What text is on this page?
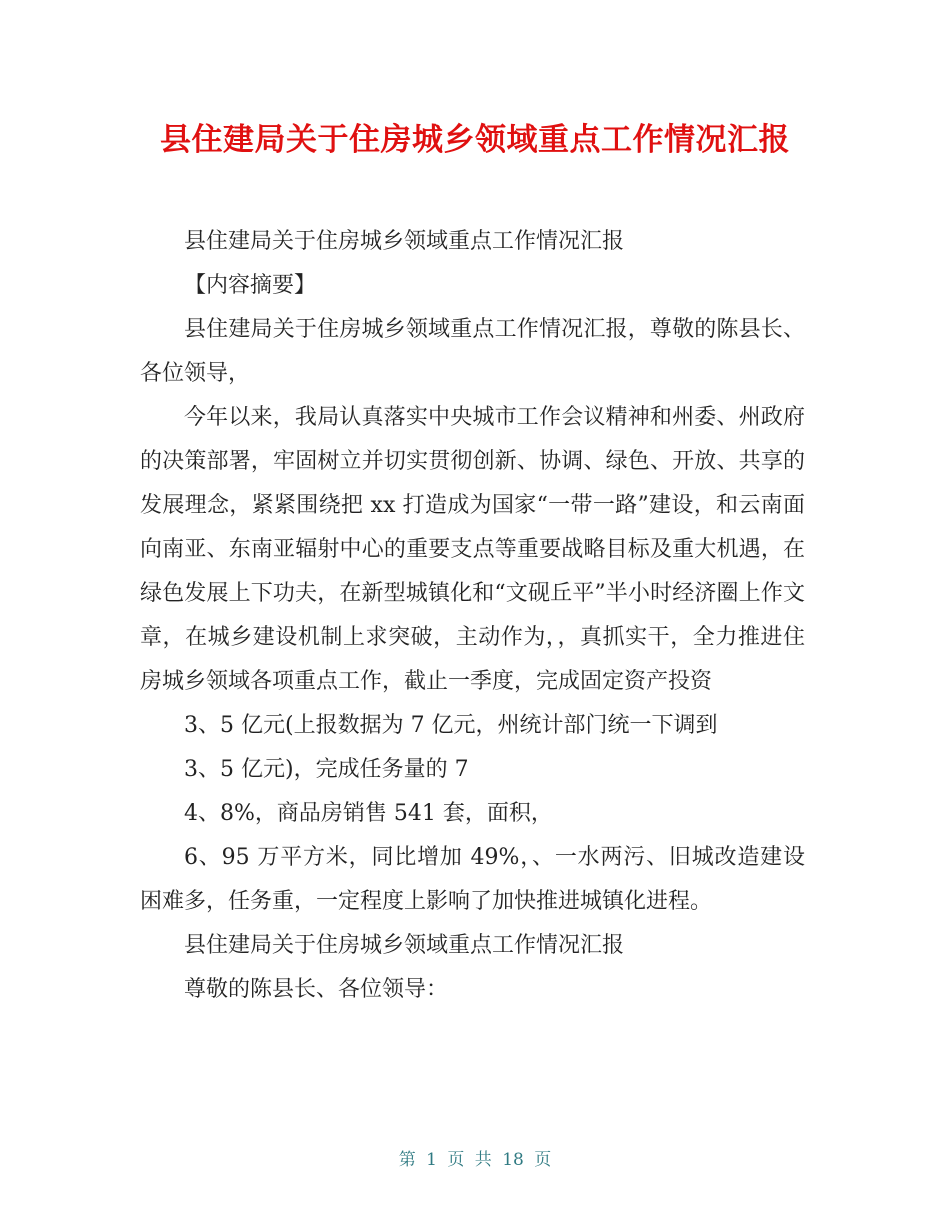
县住建局关于住房城乡领域重点工作情况汇报

县住建局关于住房城乡领域重点工作情况汇报

【内容摘要】

县住建局关于住房城乡领域重点工作情况汇报，尊敬的陈县长、各位领导，

今年以来，我局认真落实中央城市工作会议精神和州委、州政府的决策部署，牢固树立并切实贯彻创新、协调、绿色、开放、共享的发展理念，紧紧围绕把 xx 打造成为国家“一带一路”建设，和云南面向南亚、东南亚辐射中心的重要支点等重要战略目标及重大机遇，在绿色发展上下功夫，在新型城镇化和“文砚丘平”半小时经济圈上作文章，在城乡建设机制上求突破，主动作为，，真抓实干，全力推进住房城乡领域各项重点工作，截止一季度，完成固定资产投资

3、5 亿元(上报数据为 7 亿元，州统计部门统一下调到

3、5 亿元)，完成任务量的 7

4、8%，商品房销售 541 套，面积，

6、95 万平方米，同比增加 49%，、一水两污、旧城改造建设困难多，任务重，一定程度上影响了加快推进城镇化进程。

县住建局关于住房城乡领域重点工作情况汇报

尊敬的陈县长、各位领导：

第 1 页 共 18 页
